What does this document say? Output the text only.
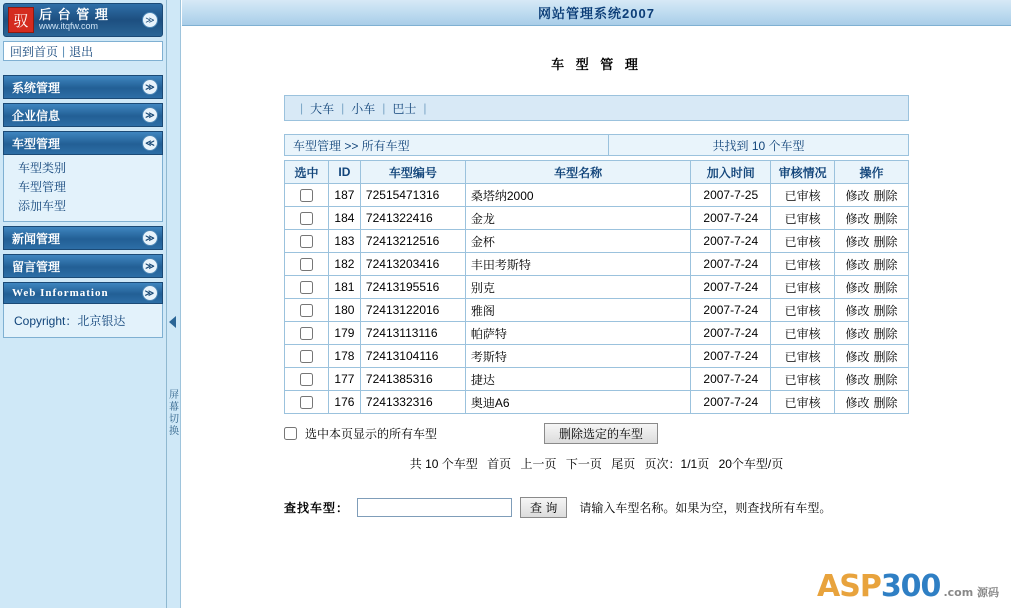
驭 后 台 管 理
www.itqfw.com
≫
回到首页 | 退出
系统管理	≫
企业信息	≫
车型管理	≪
车型类别
车型管理
添加车型
新闻管理	≫
留言管理	≫
Web Information	≫
Copyright：北京银达
屏幕切换
网站管理系统2007
车 型 管 理
| 大车 | 小车 | 巴士 |
车型管理 >> 所有车型	共找到 10 个车型
选中	ID	车型编号	车型名称	加入时间	审核情况	操作
	187	72515471316	桑塔纳2000	2007-7-25	已审核	修改 删除
	184	7241322416	金龙	2007-7-24	已审核	修改 删除
	183	72413212516	金杯	2007-7-24	已审核	修改 删除
	182	72413203416	丰田考斯特	2007-7-24	已审核	修改 删除
	181	72413195516	别克	2007-7-24	已审核	修改 删除
	180	72413122016	雅阁	2007-7-24	已审核	修改 删除
	179	72413113116	帕萨特	2007-7-24	已审核	修改 删除
	178	72413104116	考斯特	2007-7-24	已审核	修改 删除
	177	7241385316	捷达	2007-7-24	已审核	修改 删除
	176	7241332316	奥迪A6	2007-7-24	已审核	修改 删除
选中本页显示的所有车型	删除选定的车型
共 10 个车型 首页 上一页 下一页 尾页 页次：1/1页 20个车型/页
查找车型：	查 询	请输入车型名称。如果为空，则查找所有车型。
ASP 300 .com 源码
